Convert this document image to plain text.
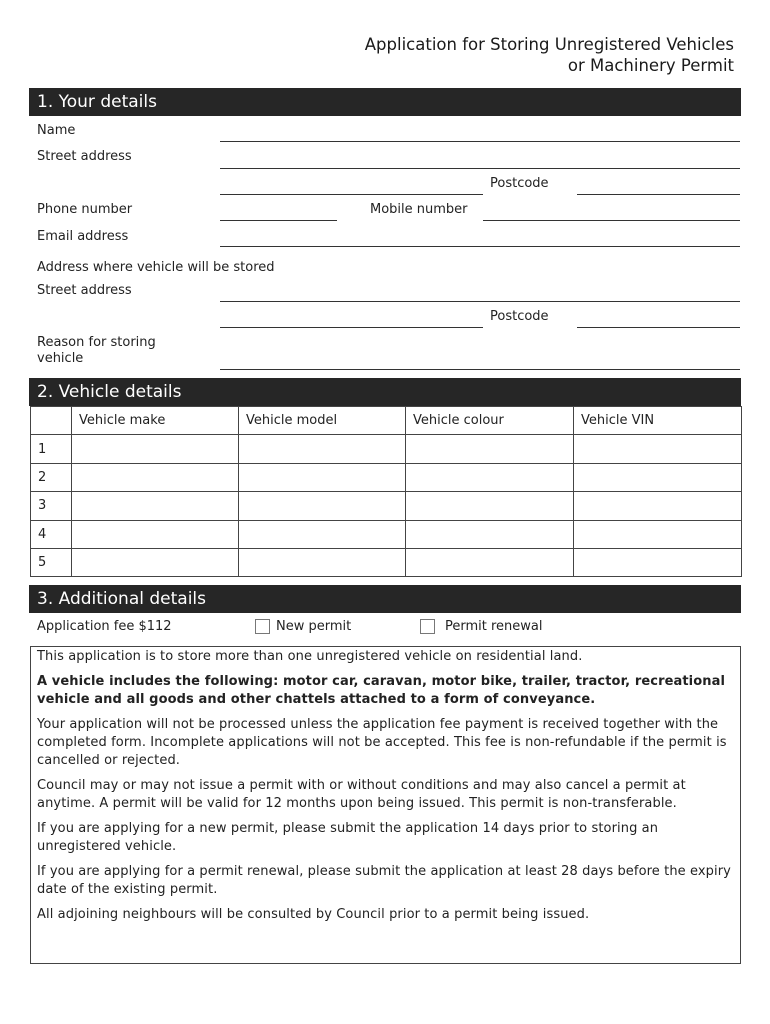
Application for Storing Unregistered Vehicles
or Machinery Permit
1. Your details
Name
Street address
Postcode
Phone number	Mobile number
Email address
Address where vehicle will be stored
Street address
Postcode
Reason for storing vehicle
2. Vehicle details
	Vehicle make	Vehicle model	Vehicle colour	Vehicle VIN
1				
2				
3				
4				
5				
3. Additional details
Application fee $112	New permit	Permit renewal

This application is to store more than one unregistered vehicle on residential land.

A vehicle includes the following: motor car, caravan, motor bike, trailer, tractor, recreational vehicle and all goods and other chattels attached to a form of conveyance.

Your application will not be processed unless the application fee payment is received together with the completed form. Incomplete applications will not be accepted. This fee is non-refundable if the permit is cancelled or rejected.

Council may or may not issue a permit with or without conditions and may also cancel a permit at anytime. A permit will be valid for 12 months upon being issued. This permit is non-transferable.

If you are applying for a new permit, please submit the application 14 days prior to storing an unregistered vehicle.

If you are applying for a permit renewal, please submit the application at least 28 days before the expiry date of the existing permit.

All adjoining neighbours will be consulted by Council prior to a permit being issued.
